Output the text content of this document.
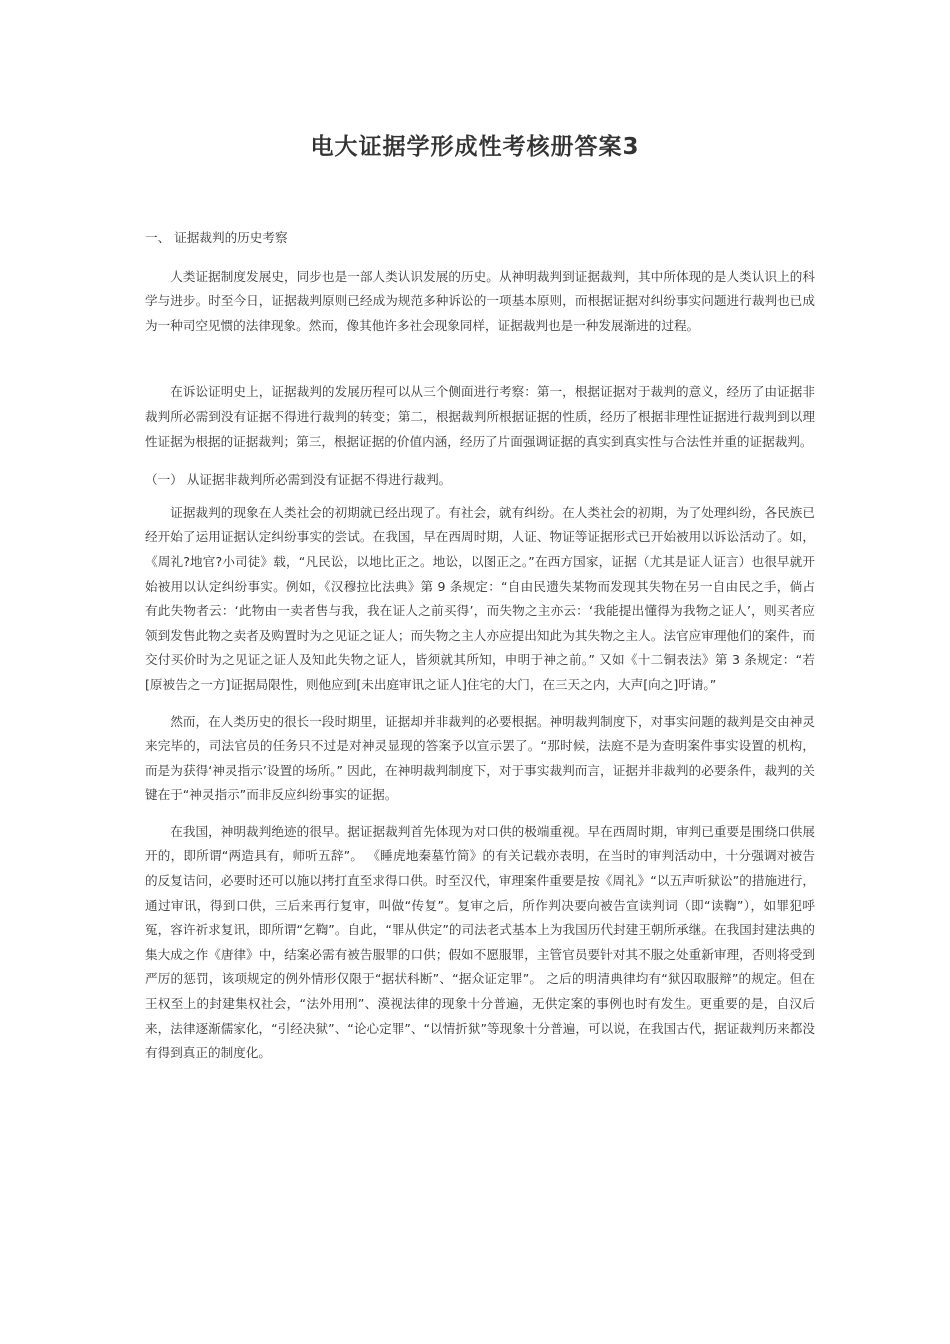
电大证据学形成性考核册答案3

一、 证据裁判的历史考察

人类证据制度发展史，同步也是一部人类认识发展的历史。从神明裁判到证据裁判，其中所体现的是人类认识上的科学与进步。时至今日，证据裁判原则已经成为规范多种诉讼的一项基本原则，而根据证据对纠纷事实问题进行裁判也已成为一种司空见惯的法律现象。然而，像其他许多社会现象同样，证据裁判也是一种发展渐进的过程。

在诉讼证明史上，证据裁判的发展历程可以从三个侧面进行考察：第一，根据证据对于裁判的意义，经历了由证据非裁判所必需到没有证据不得进行裁判的转变；第二，根据裁判所根据证据的性质，经历了根据非理性证据进行裁判到以理性证据为根据的证据裁判；第三，根据证据的价值内涵，经历了片面强调证据的真实到真实性与合法性并重的证据裁判。

（一） 从证据非裁判所必需到没有证据不得进行裁判。

证据裁判的现象在人类社会的初期就已经出现了。有社会，就有纠纷。在人类社会的初期，为了处理纠纷，各民族已经开始了运用证据认定纠纷事实的尝试。在我国，早在西周时期，人证、物证等证据形式已开始被用以诉讼活动了。如，《周礼?地官?小司徒》载，“凡民讼，以地比正之。地讼，以图正之。”在西方国家，证据（尤其是证人证言）也很早就开始被用以认定纠纷事实。例如，《汉穆拉比法典》第 9 条规定：“自由民遗失某物而发现其失物在另一自由民之手，倘占有此失物者云：‘此物由一卖者售与我，我在证人之前买得’，而失物之主亦云：‘我能提出懂得为我物之证人’，则买者应领到发售此物之卖者及购置时为之见证之证人；而失物之主人亦应提出知此为其失物之主人。法官应审理他们的案件，而交付买价时为之见证之证人及知此失物之证人，皆须就其所知，申明于神之前。” 又如《十二铜表法》第 3 条规定：“若[原被告之一方]证据局限性，则他应到[未出庭审讯之证人]住宅的大门，在三天之内，大声[向之]吁请。”

然而，在人类历史的很长一段时期里，证据却并非裁判的必要根据。神明裁判制度下，对事实问题的裁判是交由神灵来完毕的，司法官员的任务只不过是对神灵显现的答案予以宣示罢了。“那时候，法庭不是为查明案件事实设置的机构，而是为获得‘神灵指示’设置的场所。” 因此，在神明裁判制度下，对于事实裁判而言，证据并非裁判的必要条件，裁判的关键在于“神灵指示”而非反应纠纷事实的证据。

在我国，神明裁判绝迹的很早。据证据裁判首先体现为对口供的极端重视。早在西周时期，审判已重要是围绕口供展开的，即所谓“两造具有，师听五辞”。 《睡虎地秦墓竹简》的有关记载亦表明，在当时的审判活动中，十分强调对被告的反复诘问，必要时还可以施以拷打直至求得口供。时至汉代，审理案件重要是按《周礼》“以五声听狱讼”的措施进行，通过审讯，得到口供，三后来再行复审，叫做“传复”。复审之后，所作判决要向被告宣读判词（即“读鞫”），如罪犯呼冤，容许祈求复讯，即所谓“乞鞫”。自此，“罪从供定”的司法老式基本上为我国历代封建王朝所承继。在我国封建法典的集大成之作《唐律》中，结案必需有被告服罪的口供；假如不愿服罪，主管官员要针对其不服之处重新审理，否则将受到严厉的惩罚，该项规定的例外情形仅限于“据状科断”、“据众证定罪”。 之后的明清典律均有“狱囚取服辩”的规定。但在王权至上的封建集权社会，“法外用刑”、漠视法律的现象十分普遍，无供定案的事例也时有发生。更重要的是，自汉后来，法律逐渐儒家化，“引经决狱”、“论心定罪”、“以情折狱”等现象十分普遍，可以说，在我国古代，据证裁判历来都没有得到真正的制度化。
